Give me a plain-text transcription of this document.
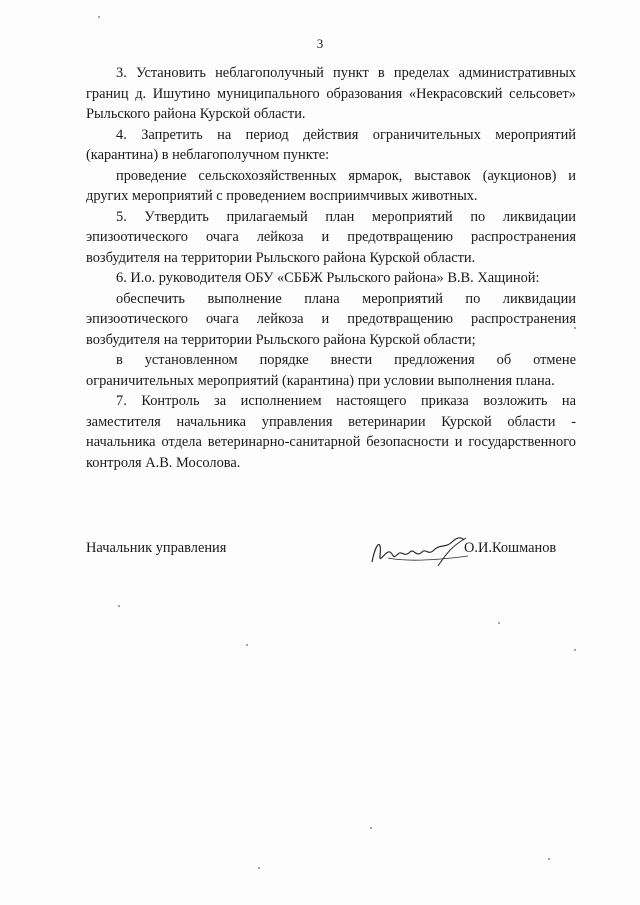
3

3. Установить неблагополучный пункт в пределах административных границ д. Ишутино муниципального образования «Некрасовский сельсовет» Рыльского района Курской области.

4. Запретить на период действия ограничительных мероприятий (карантина) в неблагополучном пункте:

проведение сельскохозяйственных ярмарок, выставок (аукционов) и других мероприятий с проведением восприимчивых животных.

5. Утвердить прилагаемый план мероприятий по ликвидации эпизоотического очага лейкоза и предотвращению распространения возбудителя на территории Рыльского района Курской области.

6. И.о. руководителя ОБУ «СББЖ Рыльского района» В.В. Хащиной:

обеспечить выполнение плана мероприятий по ликвидации эпизоотического очага лейкоза и предотвращению распространения возбудителя на территории Рыльского района Курской области;

в установленном порядке внести предложения об отмене ограничительных мероприятий (карантина) при условии выполнения плана.

7. Контроль за исполнением настоящего приказа возложить на заместителя начальника управления ветеринарии Курской области - начальника отдела ветеринарно-санитарной безопасности и государственного контроля А.В. Мосолова.

Начальник управления	О.И.Кошманов
